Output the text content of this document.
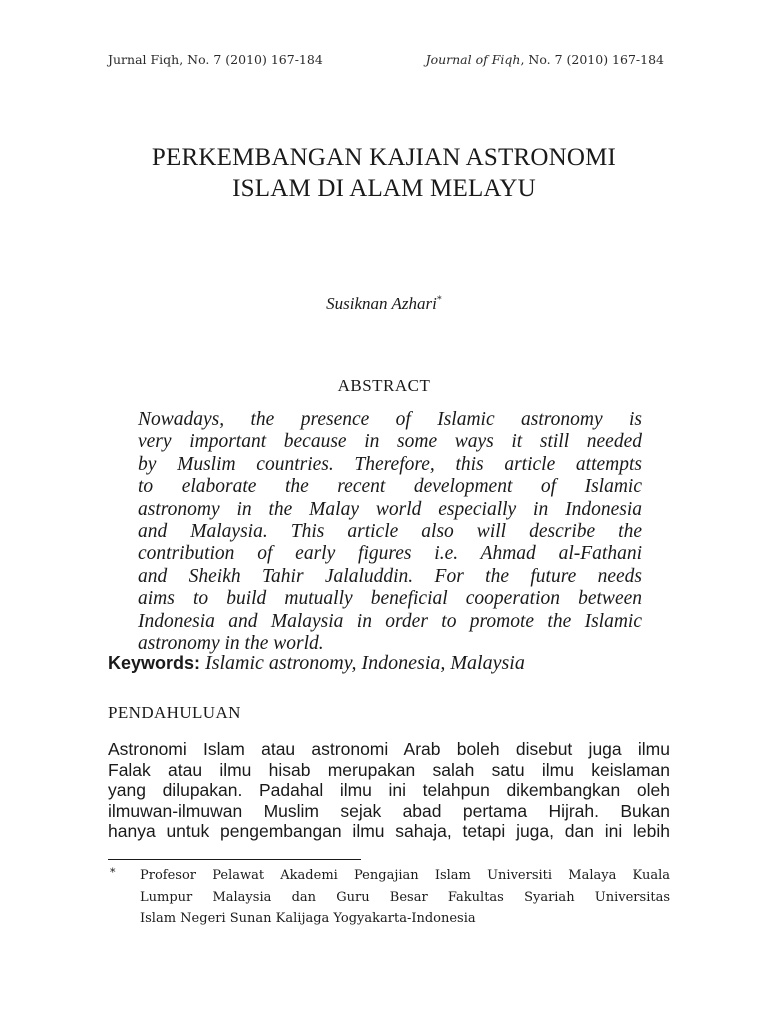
Jurnal Fiqh, No. 7 (2010) 167-184	Journal of Fiqh, No. 7 (2010) 167-184
PERKEMBANGAN KAJIAN ASTRONOMI
ISLAM DI ALAM MELAYU
Susiknan Azhari*
ABSTRACT
Nowadays, the presence of Islamic astronomy is
very important because in some ways it still needed
by Muslim countries. Therefore, this article attempts
to elaborate the recent development of Islamic
astronomy in the Malay world especially in Indonesia
and Malaysia. This article also will describe the
contribution of early figures i.e. Ahmad al-Fathani
and Sheikh Tahir Jalaluddin. For the future needs
aims to build mutually beneficial cooperation between
Indonesia and Malaysia in order to promote the Islamic
astronomy in the world.
Keywords: Islamic astronomy, Indonesia, Malaysia
PENDAHULUAN
Astronomi Islam atau astronomi Arab boleh disebut juga ilmu
Falak atau ilmu hisab merupakan salah satu ilmu keislaman
yang dilupakan. Padahal ilmu ini telahpun dikembangkan oleh
ilmuwan-ilmuwan Muslim sejak abad pertama Hijrah. Bukan
hanya untuk pengembangan ilmu sahaja, tetapi juga, dan ini lebih
* Profesor Pelawat Akademi Pengajian Islam Universiti Malaya Kuala
Lumpur Malaysia dan Guru Besar Fakultas Syariah Universitas
Islam Negeri Sunan Kalijaga Yogyakarta-Indonesia
